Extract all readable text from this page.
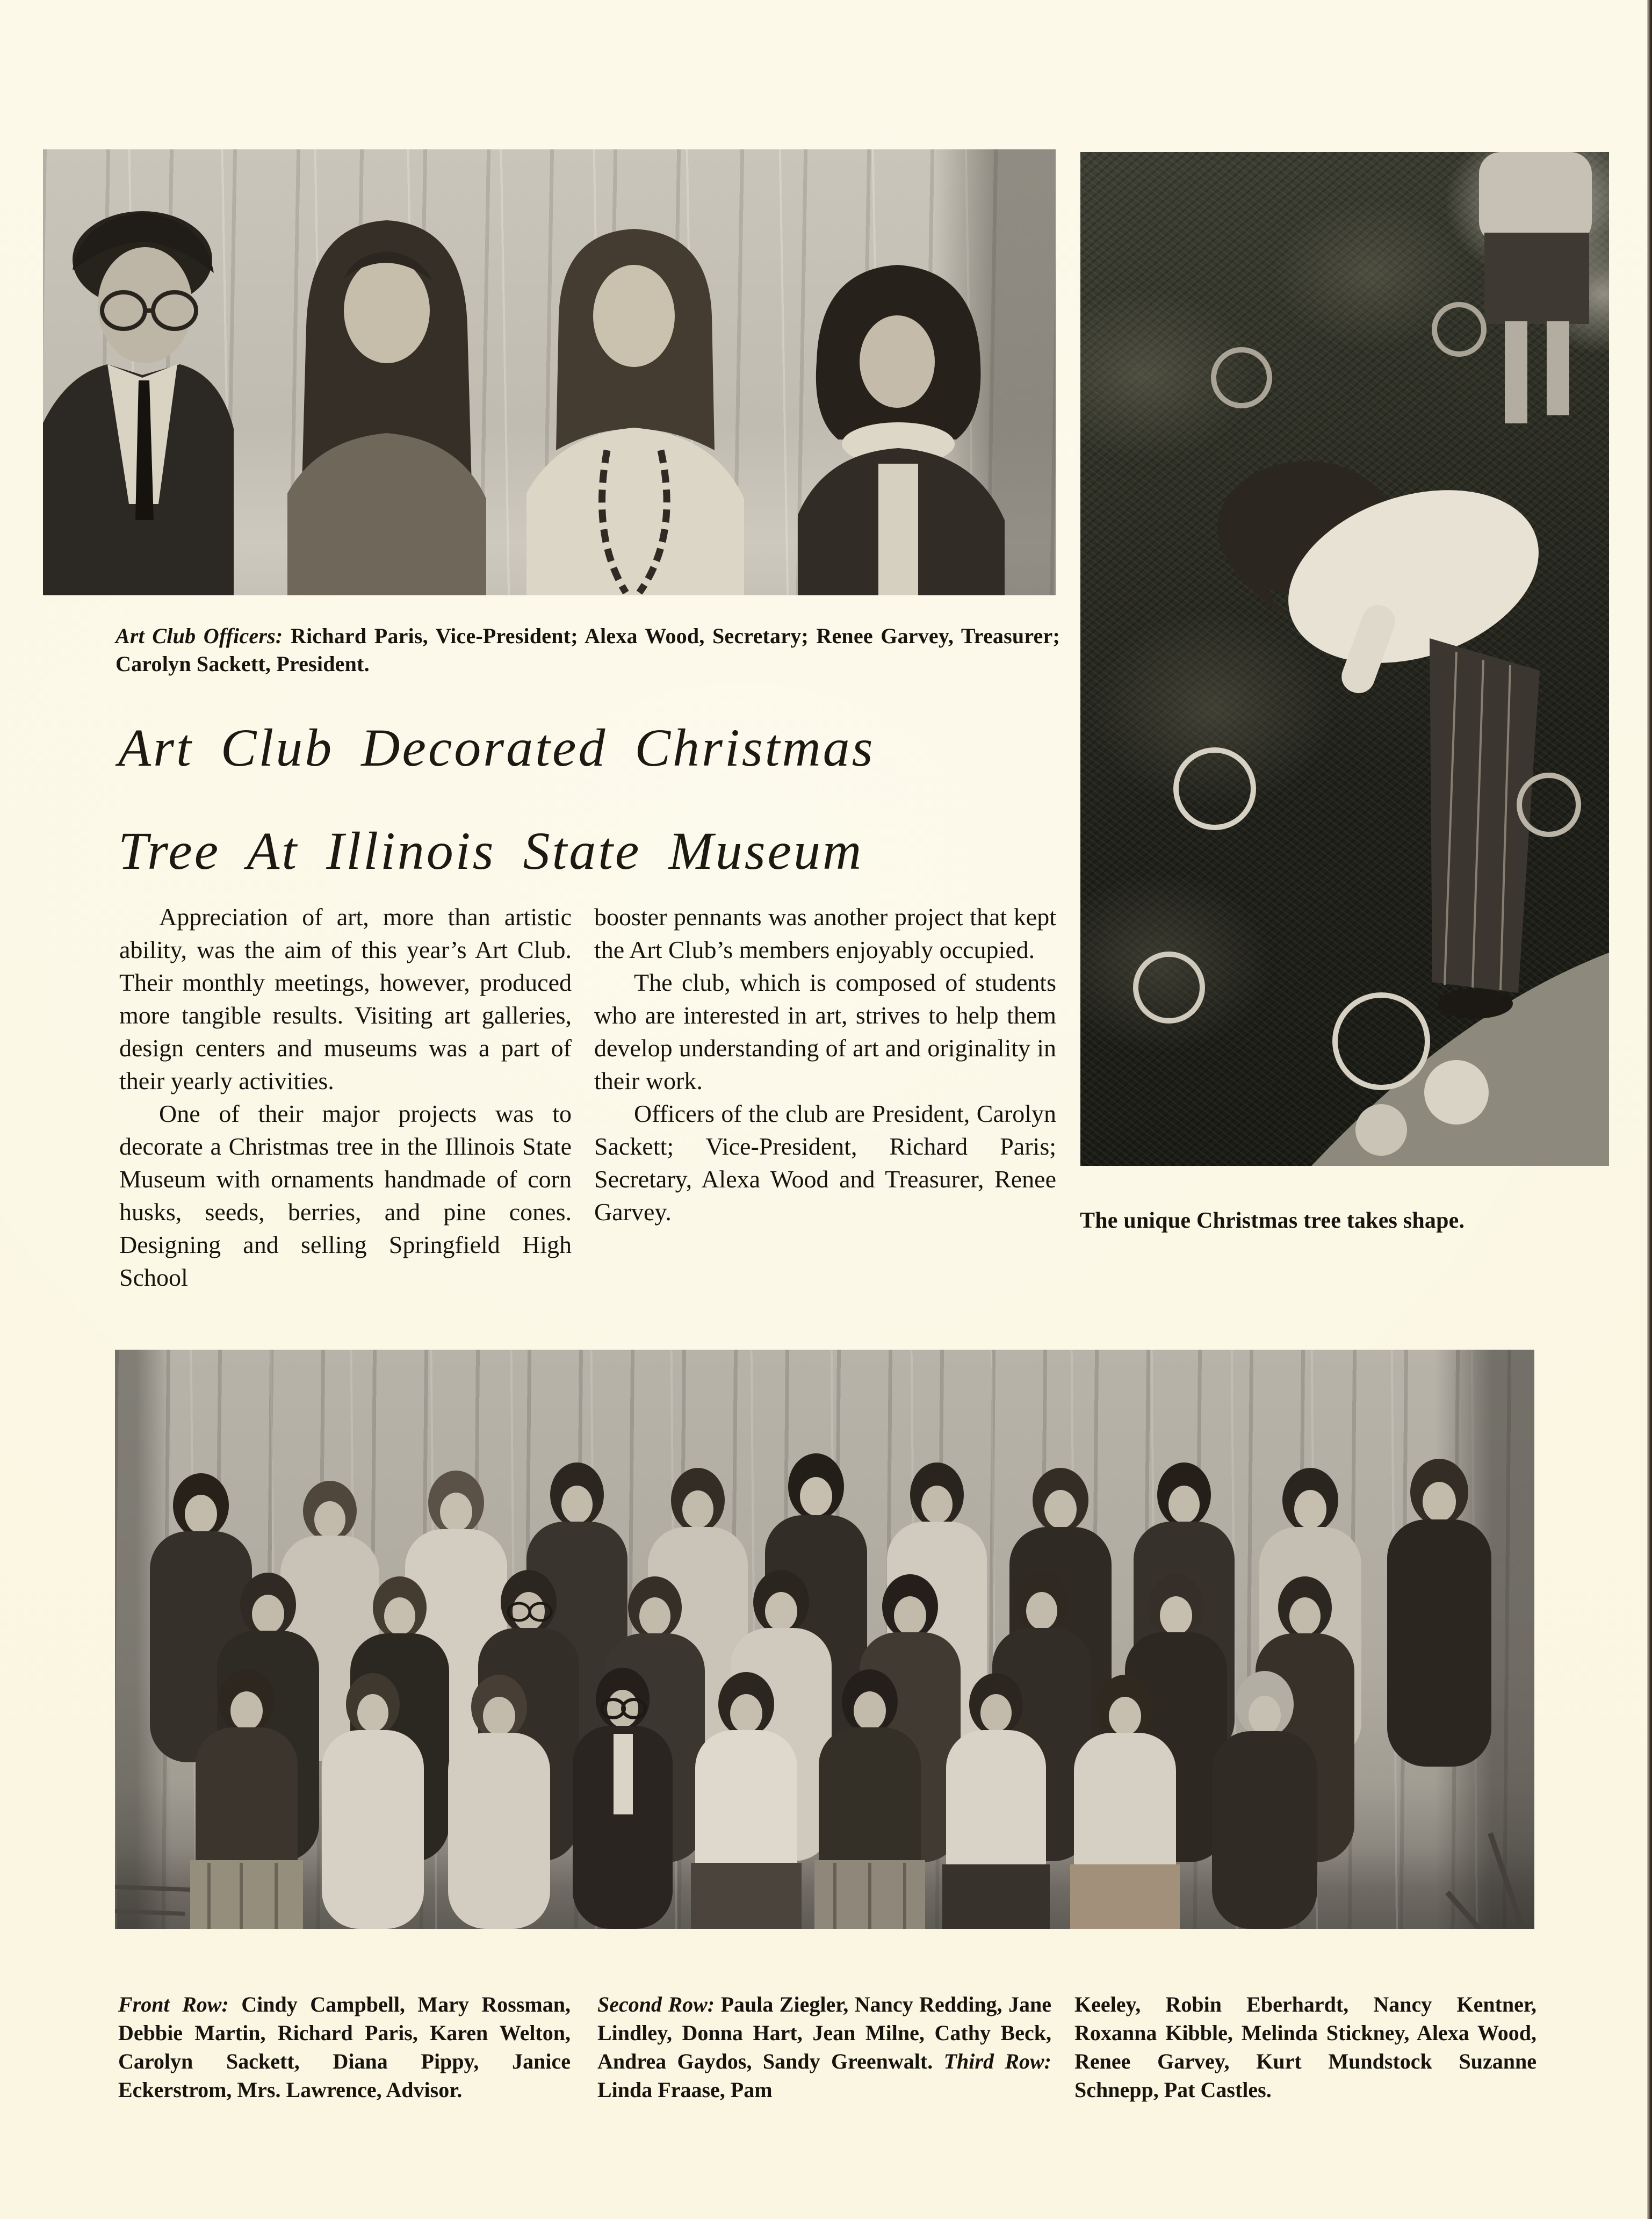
Art Club Officers: Richard Paris, Vice-President; Alexa Wood, Secretary; Renee Garvey, Treasurer; Carolyn Sackett, President.

Art Club Decorated Christmas
Tree At Illinois State Museum

Appreciation of art, more than artistic ability, was the aim of this year’s Art Club. Their monthly meetings, however, produced more tangible results. Visiting art galleries, design centers and museums was a part of their yearly activities.

One of their major projects was to decorate a Christmas tree in the Illinois State Museum with ornaments handmade of corn husks, seeds, berries, and pine cones. Designing and selling Springfield High School

booster pennants was another project that kept the Art Club’s members enjoyably occupied.

The club, which is composed of students who are interested in art, strives to help them develop understanding of art and originality in their work.

Officers of the club are President, Carolyn Sackett; Vice-President, Richard Paris; Secretary, Alexa Wood and Treasurer, Renee Garvey.	The unique Christmas tree takes shape.

Front Row: Cindy Campbell, Mary Rossman, Debbie Martin, Richard Paris, Karen Welton, Carolyn Sackett, Diana Pippy, Janice Eckerstrom, Mrs. Lawrence, Advisor.

Second Row: Paula Ziegler, Nancy Redding, Jane Lindley, Donna Hart, Jean Milne, Cathy Beck, Andrea Gaydos, Sandy Greenwalt. Third Row: Linda Fraase, Pam

Keeley, Robin Eberhardt, Nancy Kentner, Roxanna Kibble, Melinda Stickney, Alexa Wood, Renee Garvey, Kurt Mundstock Suzanne Schnepp, Pat Castles.
